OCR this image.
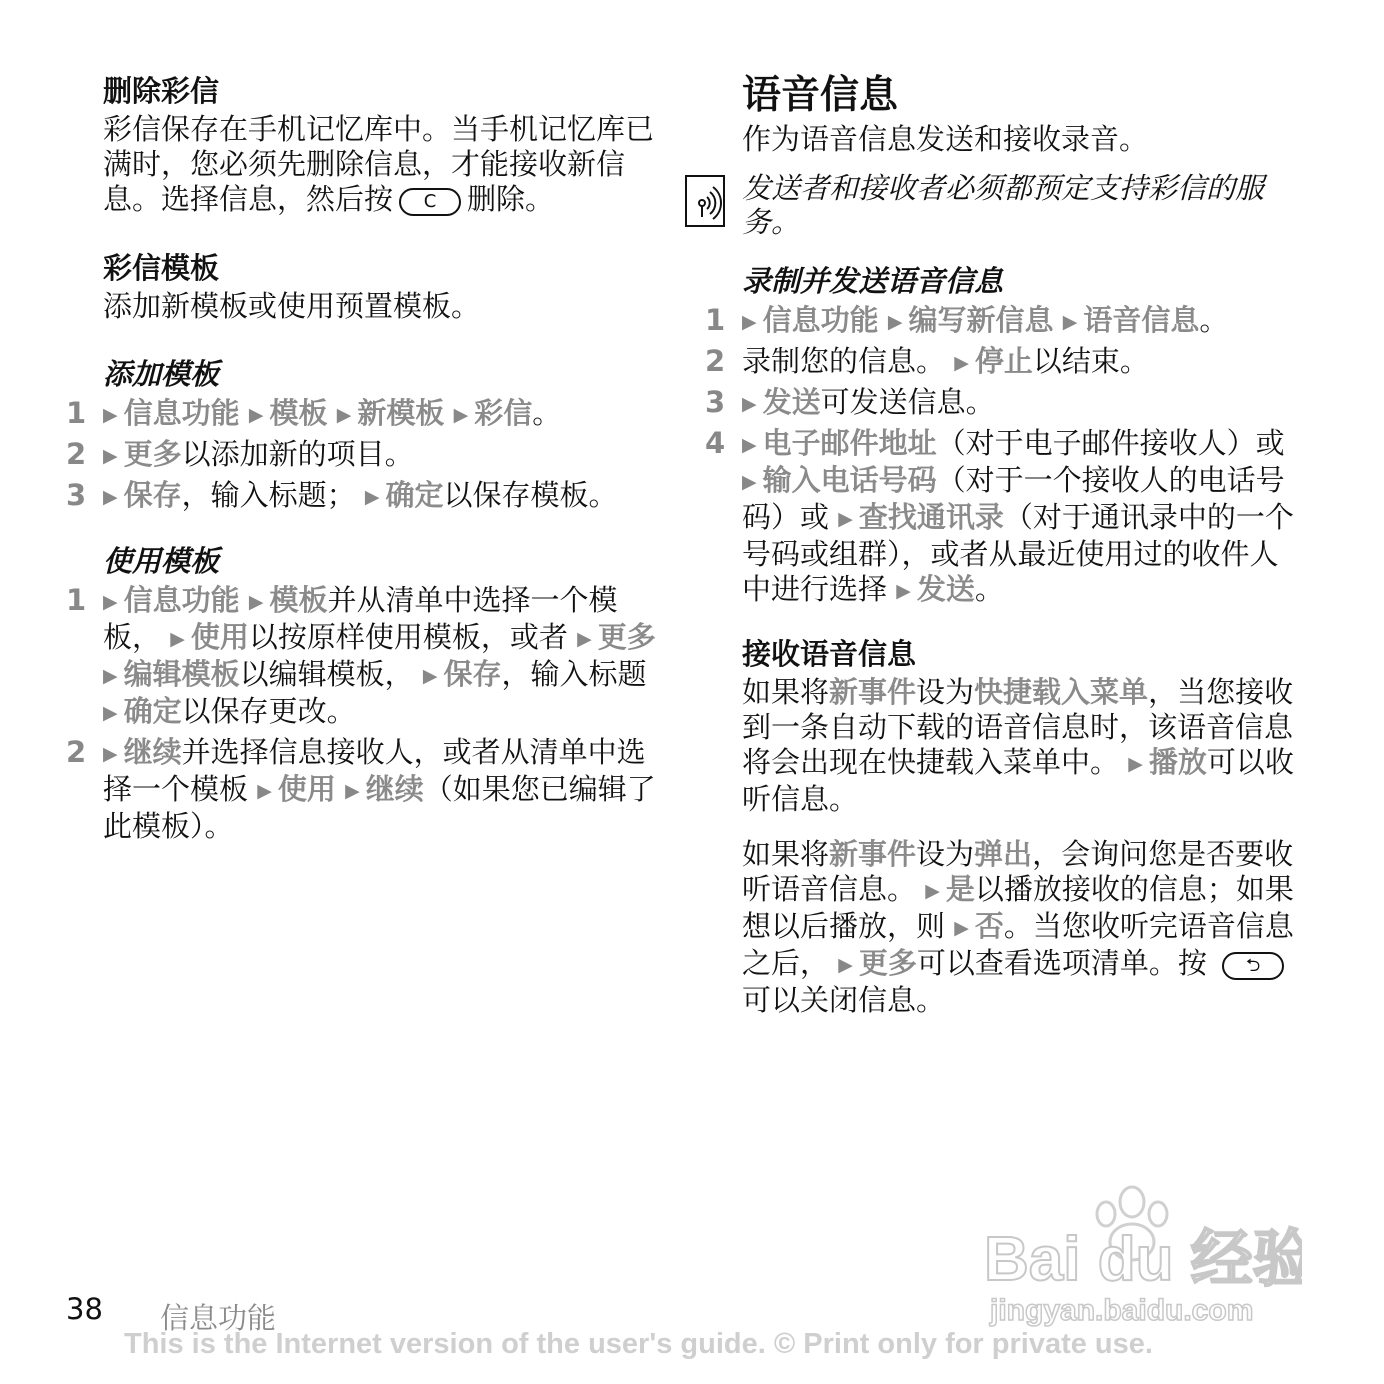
删除彩信

彩信保存在手机记忆库中。当手机记忆库已满时，您必须先删除信息，才能接收新信息。选择信息，然后按 C 删除。

彩信模板

添加新模板或使用预置模板。

添加模板
1 ▶ 信息功能 ▶ 模板 ▶ 新模板 ▶ 彩信。
2 ▶ 更多以添加新的项目。
3 ▶ 保存，输入标题； ▶ 确定以保存模板。
使用模板
1 ▶ 信息功能 ▶ 模板并从清单中选择一个模板， ▶ 使用以按原样使用模板，或者 ▶ 更多 ▶ 编辑模板以编辑模板， ▶ 保存，输入标题 ▶ 确定以保存更改。
2 ▶ 继续并选择信息接收人，或者从清单中选择一个模板 ▶ 使用 ▶ 继续（如果您已编辑了此模板）。
语音信息

作为语音信息发送和接收录音。

发送者和接收者必须都预定支持彩信的服务。
录制并发送语音信息
1 ▶ 信息功能 ▶ 编写新信息 ▶ 语音信息。
2 录制您的信息。 ▶ 停止以结束。
3 ▶ 发送可发送信息。
4 ▶ 电子邮件地址（对于电子邮件接收人）或 ▶ 输入电话号码（对于一个接收人的电话号码）或 ▶ 查找通讯录（对于通讯录中的一个号码或组群），或者从最近使用过的收件人中进行选择 ▶ 发送。
接收语音信息

如果将新事件设为快捷载入菜单，当您接收到一条自动下载的语音信息时，该语音信息将会出现在快捷载入菜单中。 ▶ 播放可以收听信息。

如果将新事件设为弹出，会询问您是否要收听语音信息。 ▶ 是以播放接收的信息；如果想以后播放，则 ▶ 否。当您收听完语音信息之后， ▶ 更多可以查看选项清单。按 ⮌可以关闭信息。

Bai du 经验
jingyan.baidu.com
38 信息功能
This is the Internet version of the user's guide. © Print only for private use.
